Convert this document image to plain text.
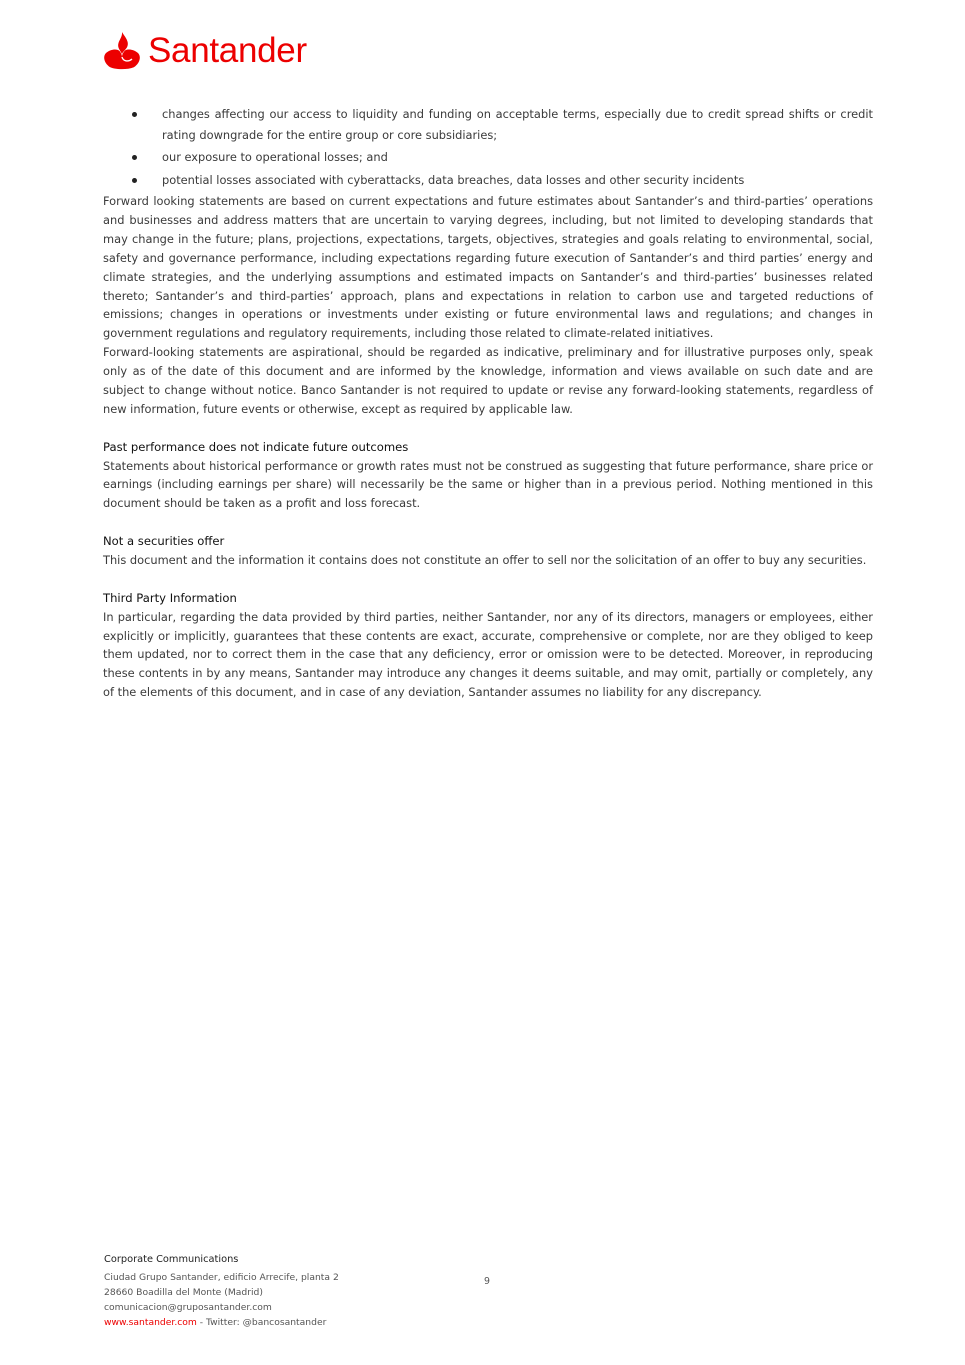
Santander
changes affecting our access to liquidity and funding on acceptable terms, especially due to credit spread shifts or credit rating downgrade for the entire group or core subsidiaries;
our exposure to operational losses; and
potential losses associated with cyberattacks, data breaches, data losses and other security incidents

Forward looking statements are based on current expectations and future estimates about Santander’s and third-parties’ operations and businesses and address matters that are uncertain to varying degrees, including, but not limited to developing standards that may change in the future; plans, projections, expectations, targets, objectives, strategies and goals relating to environmental, social, safety and governance performance, including expectations regarding future execution of Santander’s and third parties’ energy and climate strategies, and the underlying assumptions and estimated impacts on Santander’s and third-parties’ businesses related thereto; Santander’s and third-parties’ approach, plans and expectations in relation to carbon use and targeted reductions of emissions; changes in operations or investments under existing or future environmental laws and regulations; and changes in government regulations and regulatory requirements, including those related to climate-related initiatives.

Forward-looking statements are aspirational, should be regarded as indicative, preliminary and for illustrative purposes only, speak only as of the date of this document and are informed by the knowledge, information and views available on such date and are subject to change without notice. Banco Santander is not required to update or revise any forward-looking statements, regardless of new information, future events or otherwise, except as required by applicable law.

Past performance does not indicate future outcomes

Statements about historical performance or growth rates must not be construed as suggesting that future performance, share price or earnings (including earnings per share) will necessarily be the same or higher than in a previous period. Nothing mentioned in this document should be taken as a profit and loss forecast.

Not a securities offer

This document and the information it contains does not constitute an offer to sell nor the solicitation of an offer to buy any securities.

Third Party Information

In particular, regarding the data provided by third parties, neither Santander, nor any of its directors, managers or employees, either explicitly or implicitly, guarantees that these contents are exact, accurate, comprehensive or complete, nor are they obliged to keep them updated, nor to correct them in the case that any deficiency, error or omission were to be detected. Moreover, in reproducing these contents in by any means, Santander may introduce any changes it deems suitable, and may omit, partially or completely, any of the elements of this document, and in case of any deviation, Santander assumes no liability for any discrepancy.

Corporate Communications
Ciudad Grupo Santander, edificio Arrecife, planta 2
28660 Boadilla del Monte (Madrid)
comunicacion@gruposantander.com
www.santander.com - Twitter: @bancosantander
9
